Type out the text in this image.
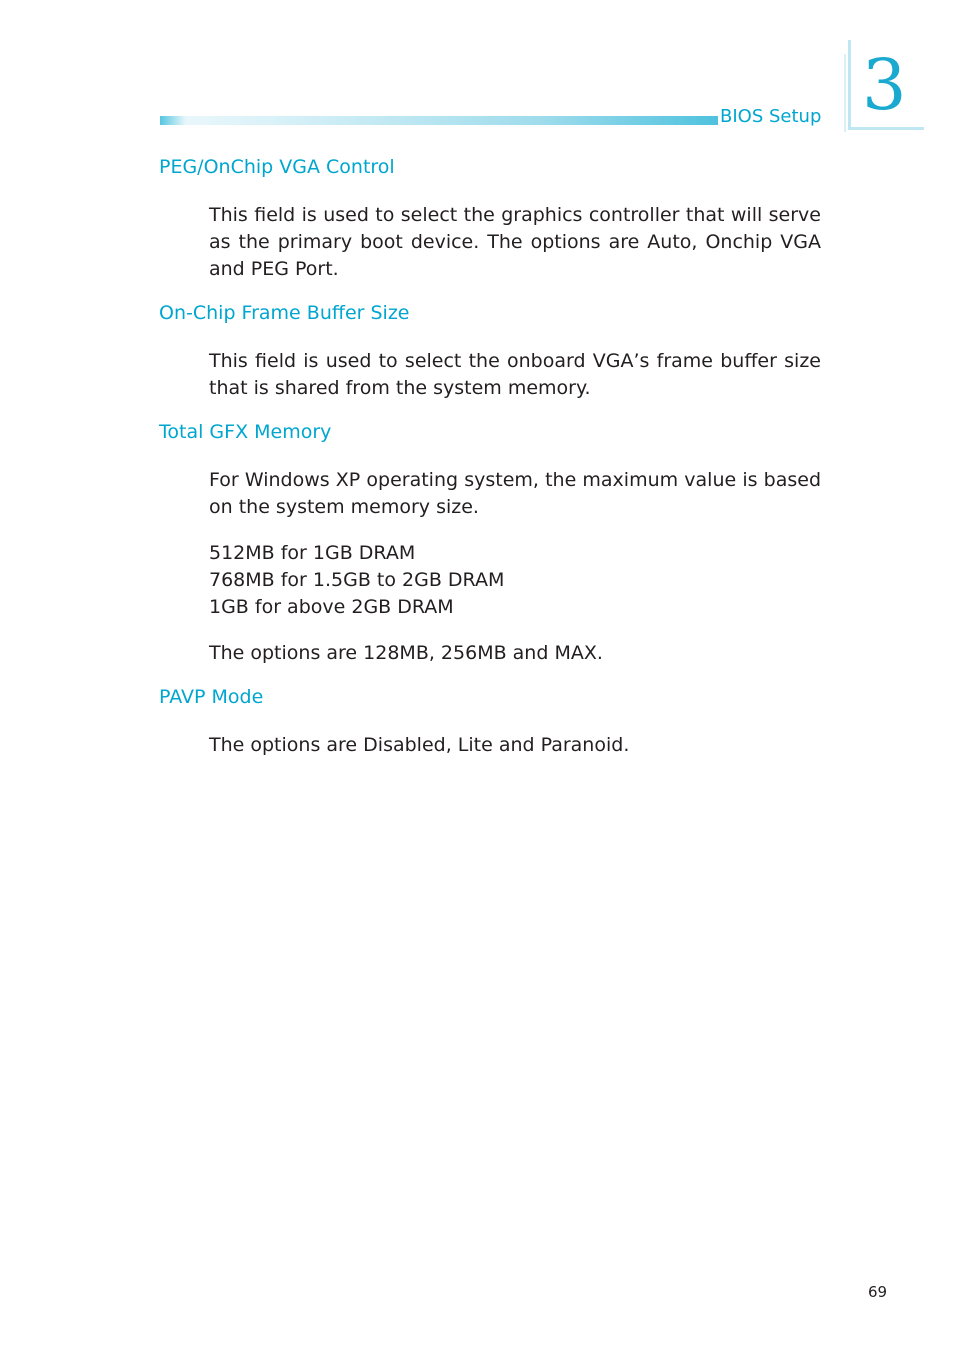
BIOS Setup 3
PEG/OnChip VGA Control

This field is used to select the graphics controller that will serve as the primary boot device. The options are Auto, Onchip VGA and PEG Port.

On-Chip Frame Buffer Size

This field is used to select the onboard VGA’s frame buffer size that is shared from the system memory.

Total GFX Memory

For Windows XP operating system, the maximum value is based on the system memory size.

512MB for 1GB DRAM
768MB for 1.5GB to 2GB DRAM
1GB for above 2GB DRAM

The options are 128MB, 256MB and MAX.

PAVP Mode

The options are Disabled, Lite and Paranoid.

69
